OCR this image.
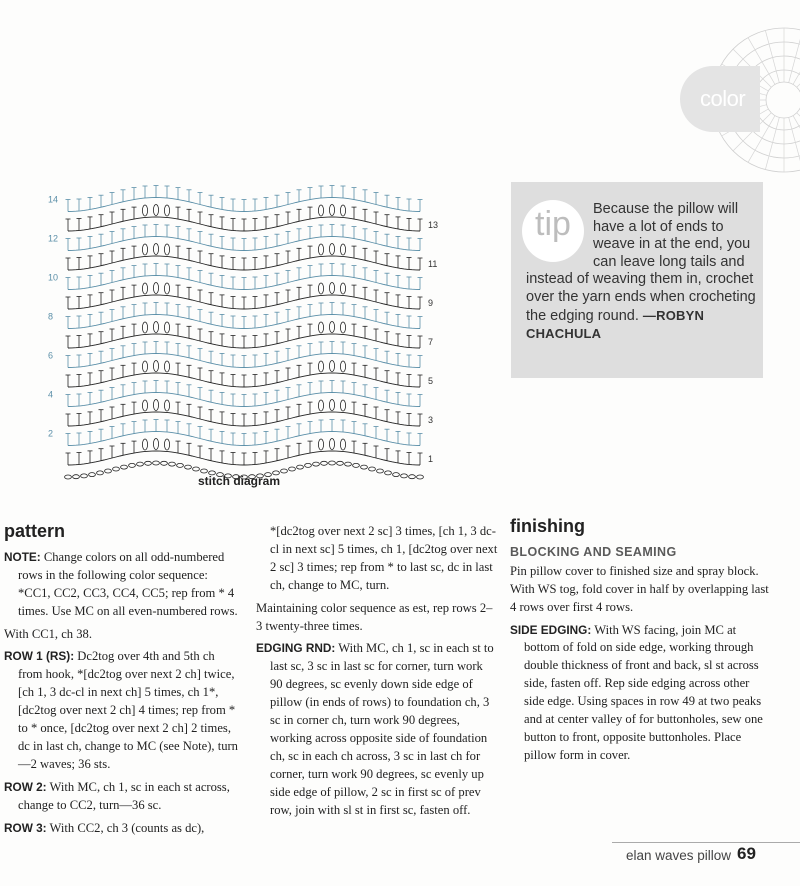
color
14
12
10
8
6
4
2
13
11
9
7
5
3
1
stitch diagram
tip	Because the pillow will have a lot of ends to weave in at the end, you can leave long tails and instead of weaving them in, crochet over the yarn ends when crocheting the edging round. —ROBYN CHACHULA
pattern

NOTE: Change colors on all odd-numbered rows in the following color sequence: *CC1, CC2, CC3, CC4, CC5; rep from * 4 times. Use MC on all even-numbered rows.

With CC1, ch 38.

ROW 1 (RS): Dc2tog over 4th and 5th ch from hook, *[dc2tog over next 2 ch] twice, [ch 1, 3 dc-cl in next ch] 5 times, ch 1*, [dc2tog over next 2 ch] 4 times; rep from * to * once, [dc2tog over next 2 ch] 2 times, dc in last ch, change to MC (see Note), turn—2 waves; 36 sts.

ROW 2: With MC, ch 1, sc in each st across, change to CC2, turn—36 sc.

ROW 3: With CC2, ch 3 (counts as dc),

*[dc2tog over next 2 sc] 3 times, [ch 1, 3 dc-cl in next sc] 5 times, ch 1, [dc2tog over next 2 sc] 3 times; rep from * to last sc, dc in last ch, change to MC, turn.

Maintaining color sequence as est, rep rows 2–3 twenty-three times.

EDGING RND: With MC, ch 1, sc in each st to last sc, 3 sc in last sc for corner, turn work 90 degrees, sc evenly down side edge of pillow (in ends of rows) to foundation ch, 3 sc in corner ch, turn work 90 degrees, working across opposite side of foundation ch, sc in each ch across, 3 sc in last ch for corner, turn work 90 degrees, sc evenly up side edge of pillow, 2 sc in first sc of prev row, join with sl st in first sc, fasten off.

finishing
BLOCKING AND SEAMING

Pin pillow cover to finished size and spray block. With WS tog, fold cover in half by overlapping last 4 rows over first 4 rows.

SIDE EDGING: With WS facing, join MC at bottom of fold on side edge, working through double thickness of front and back, sl st across side, fasten off. Rep side edging across other side edge. Using spaces in row 49 at two peaks and at center valley of for buttonholes, sew one button to front, opposite buttonholes. Place pillow form in cover.

elan waves pillow 69
